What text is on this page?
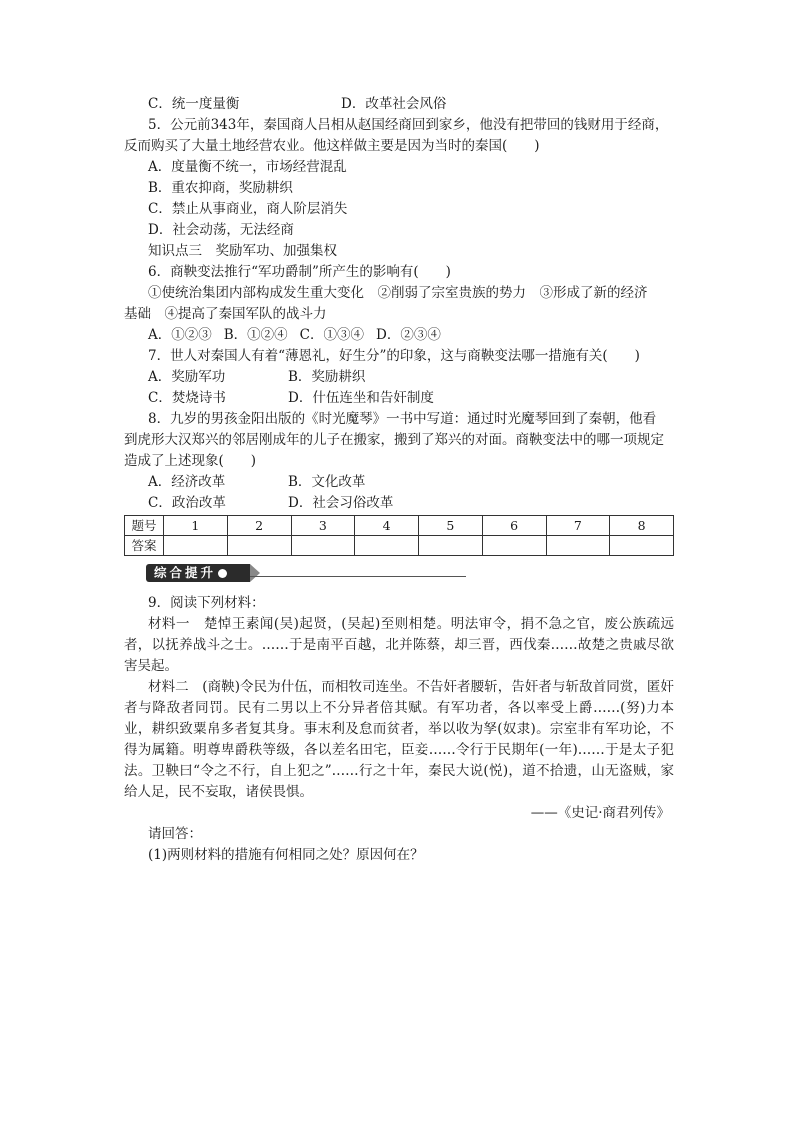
C．统一度量衡	D．改革社会风俗
5．公元前343年，秦国商人吕相从赵国经商回到家乡，他没有把带回的钱财用于经商，
反而购买了大量土地经营农业。他这样做主要是因为当时的秦国(　　)
A．度量衡不统一，市场经营混乱
B．重农抑商，奖励耕织
C．禁止从事商业，商人阶层消失
D．社会动荡，无法经商
知识点三　奖励军功、加强集权
6．商鞅变法推行“军功爵制”所产生的影响有(　　)
①使统治集团内部构成发生重大变化　②削弱了宗室贵族的势力　③形成了新的经济
基础　④提高了秦国军队的战斗力
A．①②③ B．①②④ C．①③④ D．②③④
7．世人对秦国人有着“薄恩礼，好生分”的印象，这与商鞅变法哪一措施有关(　　)
A．奖励军功	B．奖励耕织
C．焚烧诗书	D．什伍连坐和告奸制度
8．九岁的男孩金阳出版的《时光魔琴》一书中写道：通过时光魔琴回到了秦朝，他看
到虎形大汉郑兴的邻居刚成年的儿子在搬家，搬到了郑兴的对面。商鞅变法中的哪一项规定
造成了上述现象(　　)
A．经济改革	B．文化改革
C．政治改革	D．社会习俗改革
题号	1	2	3	4	5	6	7	8
答案								
综合提升
9．阅读下列材料：
材料一　楚悼王素闻(吴)起贤，(吴起)至则相楚。明法审令，捐不急之官，废公族疏远者，以抚养战斗之士。……于是南平百越，北并陈蔡，却三晋，西伐秦……故楚之贵戚尽欲害吴起。
材料二　(商鞅)令民为什伍，而相牧司连坐。不告奸者腰斩，告奸者与斩敌首同赏，匿奸者与降敌者同罚。民有二男以上不分异者倍其赋。有军功者，各以率受上爵……(努)力本业，耕织致粟帛多者复其身。事末利及怠而贫者，举以收为孥(奴隶)。宗室非有军功论，不得为属籍。明尊卑爵秩等级，各以差名田宅，臣妾……令行于民期年(一年)……于是太子犯法。卫鞅曰“令之不行，自上犯之”……行之十年，秦民大说(悦)，道不拾遗，山无盗贼，家给人足，民不妄取，诸侯畏惧。
——《史记·商君列传》
请回答：
(1)两则材料的措施有何相同之处？原因何在？
